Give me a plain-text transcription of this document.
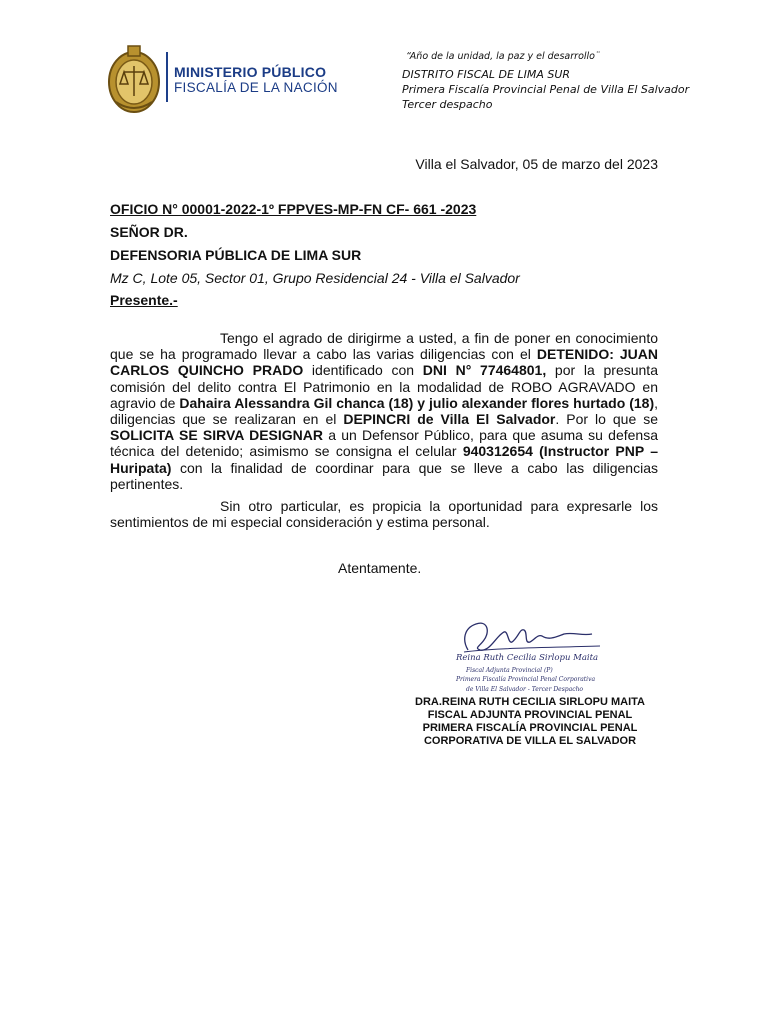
MINISTERIO PÚBLICO
FISCALÍA DE LA NACIÓN
“Año de la unidad, la paz y el desarrollo¨
DISTRITO FISCAL DE LIMA SUR
Primera Fiscalía Provincial Penal de Villa El Salvador
Tercer despacho
Villa el Salvador, 05 de marzo del 2023
OFICIO N° 00001-2022-1º FPPVES-MP-FN CF- 661 -2023
SEÑOR DR.
DEFENSORIA PÚBLICA DE LIMA SUR
Mz C, Lote 05, Sector 01, Grupo Residencial 24 - Villa el Salvador
Presente.-
Tengo el agrado de dirigirme a usted, a fin de poner en conocimiento que se ha programado llevar a cabo las varias diligencias con el DETENIDO: JUAN CARLOS QUINCHO PRADO identificado con DNI N° 77464801, por la presunta comisión del delito contra El Patrimonio en la modalidad de ROBO AGRAVADO en agravio de Dahaira Alessandra Gil chanca (18) y julio alexander flores hurtado (18), diligencias que se realizaran en el DEPINCRI de Villa El Salvador. Por lo que se SOLICITA SE SIRVA DESIGNAR a un Defensor Público, para que asuma su defensa técnica del detenido; asimismo se consigna el celular 940312654 (Instructor PNP – Huripata) con la finalidad de coordinar para que se lleve a cabo las diligencias pertinentes.
Sin otro particular, es propicia la oportunidad para expresarle los sentimientos de mi especial consideración y estima personal.
Atentamente.
Reina Ruth Cecilia Sirlopu Maita
Fiscal Adjunta Provincial (P)
Primera Fiscalía Provincial Penal Corporativa
de Villa El Salvador - Tercer Despacho
DRA.REINA RUTH CECILIA SIRLOPU MAITA
FISCAL ADJUNTA PROVINCIAL PENAL
PRIMERA FISCALÍA PROVINCIAL PENAL
CORPORATIVA DE VILLA EL SALVADOR
